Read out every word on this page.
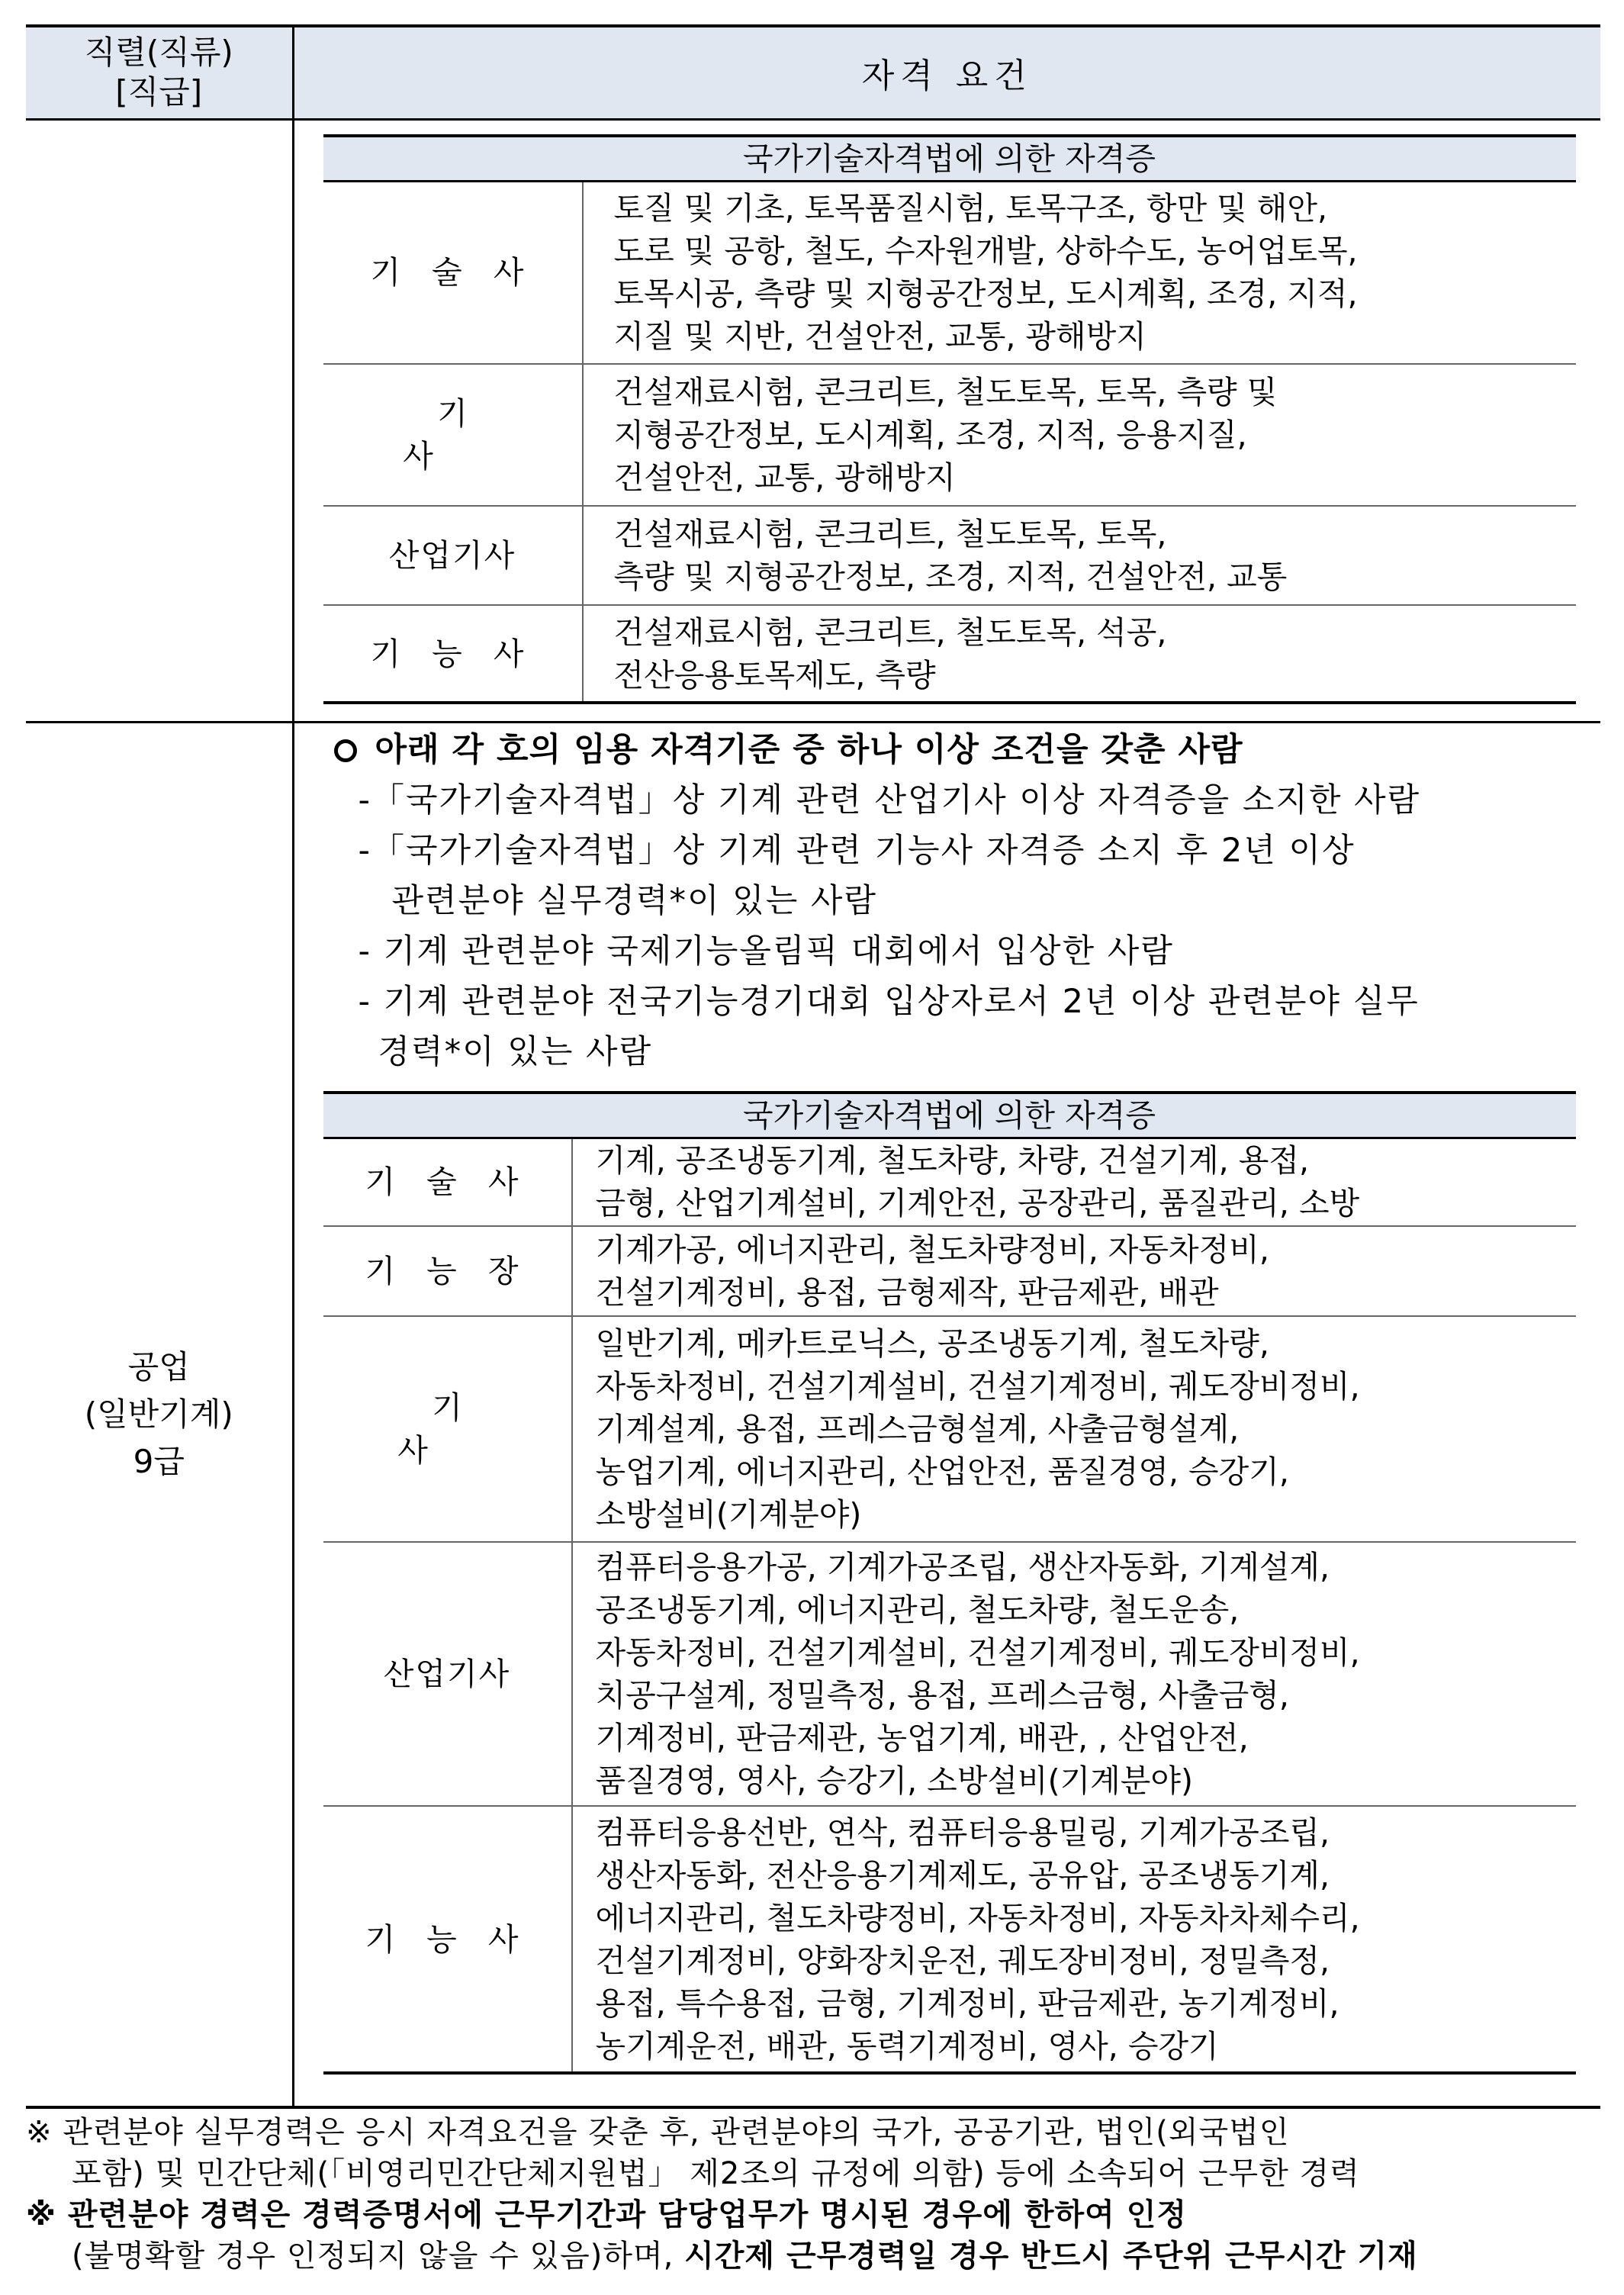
직렬(직류)
[직급]	자격 요건

국가기술자격법에 의한 자격증
기 술 사	
토질 및 기초, 토목품질시험, 토목구조, 항만 및 해안,
도로 및 공항, 철도, 수자원개발, 상하수도, 농어업토목,
토목시공, 측량 및 지형공간정보, 도시계획, 조경, 지적,
지질 및 지반, 건설안전, 교통, 광해방지

기 사	
건설재료시험, 콘크리트, 철도토목, 토목, 측량 및
지형공간정보, 도시계획, 조경, 지적, 응용지질,
건설안전, 교통, 광해방지

산업기사	
건설재료시험, 콘크리트, 철도토목, 토목,
측량 및 지형공간정보, 조경, 지적, 건설안전, 교통

기 능 사	
건설재료시험, 콘크리트, 철도토목, 석공,
전산응용토목제도, 측량

공업
(일반기계)
9급

아래 각 호의 임용 자격기준 중 하나 이상 조건을 갖춘 사람
-「국가기술자격법」상 기계 관련 산업기사 이상 자격증을 소지한 사람
-「국가기술자격법」상 기계 관련 기능사 자격증 소지 후 2년 이상
관련분야 실무경력*이 있는 사람
- 기계 관련분야 국제기능올림픽 대회에서 입상한 사람
- 기계 관련분야 전국기능경기대회 입상자로서 2년 이상 관련분야 실무
경력*이 있는 사람
국가기술자격법에 의한 자격증
기 술 사	
기계, 공조냉동기계, 철도차량, 차량, 건설기계, 용접,
금형, 산업기계설비, 기계안전, 공장관리, 품질관리, 소방

기 능 장	
기계가공, 에너지관리, 철도차량정비, 자동차정비,
건설기계정비, 용접, 금형제작, 판금제관, 배관

기 사	
일반기계, 메카트로닉스, 공조냉동기계, 철도차량,
자동차정비, 건설기계설비, 건설기계정비, 궤도장비정비,
기계설계, 용접, 프레스금형설계, 사출금형설계,
농업기계, 에너지관리, 산업안전, 품질경영, 승강기,
소방설비(기계분야)

산업기사	
컴퓨터응용가공, 기계가공조립, 생산자동화, 기계설계,
공조냉동기계, 에너지관리, 철도차량, 철도운송,
자동차정비, 건설기계설비, 건설기계정비, 궤도장비정비,
치공구설계, 정밀측정, 용접, 프레스금형, 사출금형,
기계정비, 판금제관, 농업기계, 배관, , 산업안전,
품질경영, 영사, 승강기, 소방설비(기계분야)

기 능 사	
컴퓨터응용선반, 연삭, 컴퓨터응용밀링, 기계가공조립,
생산자동화, 전산응용기계제도, 공유압, 공조냉동기계,
에너지관리, 철도차량정비, 자동차정비, 자동차차체수리,
건설기계정비, 양화장치운전, 궤도장비정비, 정밀측정,
용접, 특수용접, 금형, 기계정비, 판금제관, 농기계정비,
농기계운전, 배관, 동력기계정비, 영사, 승강기
※ 관련분야 실무경력은 응시 자격요건을 갖춘 후, 관련분야의 국가, 공공기관, 법인(외국법인
포함) 및 민간단체(「비영리민간단체지원법」 제2조의 규정에 의함) 등에 소속되어 근무한 경력
※ 관련분야 경력은 경력증명서에 근무기간과 담당업무가 명시된 경우에 한하여 인정
(불명확할 경우 인정되지 않을 수 있음)하며, 시간제 근무경력일 경우 반드시 주단위 근무시간 기재
